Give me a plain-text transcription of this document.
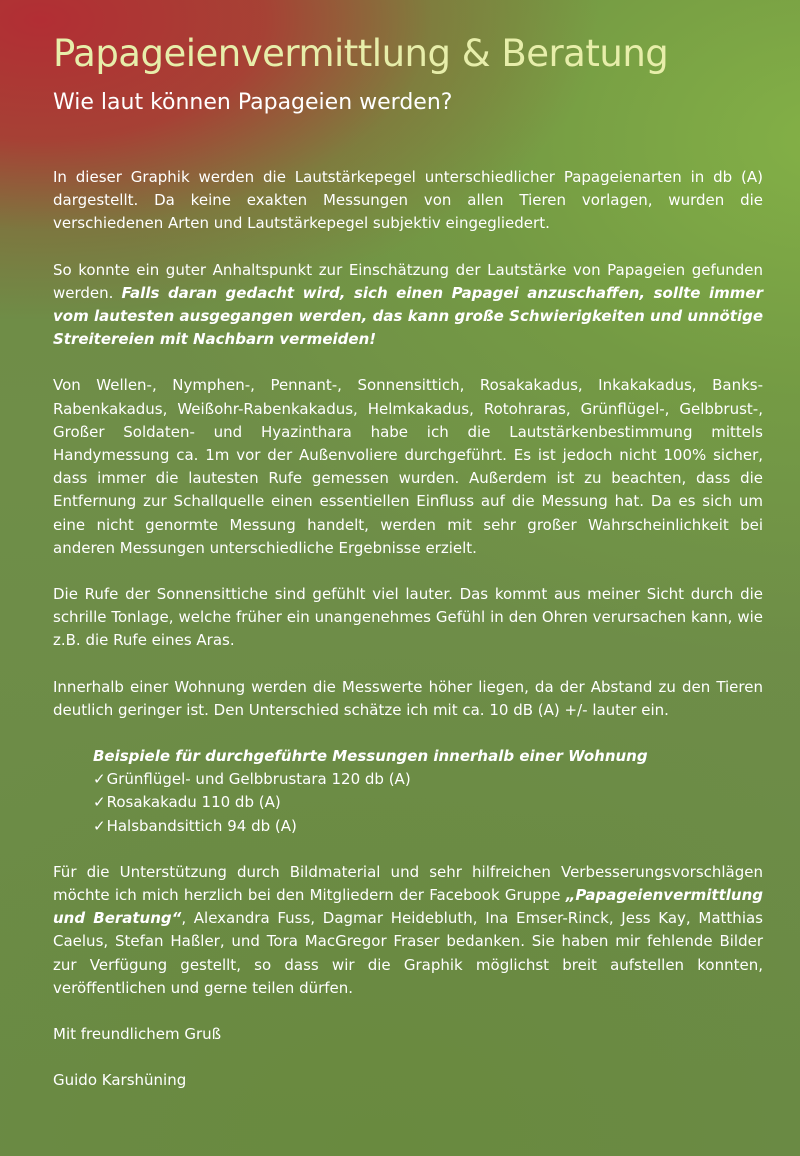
Papageienvermittlung & Beratung
Wie laut können Papageien werden?

In dieser Graphik werden die Lautstärkepegel unterschiedlicher Papageienarten in db (A) dargestellt. Da keine exakten Messungen von allen Tieren vorlagen, wurden die verschiedenen Arten und Lautstärkepegel subjektiv eingegliedert.

So konnte ein guter Anhaltspunkt zur Einschätzung der Lautstärke von Papageien gefunden werden. Falls daran gedacht wird, sich einen Papagei anzuschaffen, sollte immer vom lautesten ausgegangen werden, das kann große Schwierigkeiten und unnötige Streitereien mit Nachbarn vermeiden!

Von Wellen-, Nymphen-, Pennant-, Sonnensittich, Rosakakadus, Inkakakadus, Banks-Rabenkakadus, Weißohr-Rabenkakadus, Helmkakadus, Rotohraras, Grünflügel-, Gelbbrust-, Großer Soldaten- und Hyazinthara habe ich die Lautstärkenbestimmung mittels Handymessung ca. 1m vor der Außenvoliere durchgeführt. Es ist jedoch nicht 100% sicher, dass immer die lautesten Rufe gemessen wurden. Außerdem ist zu beachten, dass die Entfernung zur Schallquelle einen essentiellen Einfluss auf die Messung hat. Da es sich um eine nicht genormte Messung handelt, werden mit sehr großer Wahrscheinlichkeit bei anderen Messungen unterschiedliche Ergebnisse erzielt.

Die Rufe der Sonnensittiche sind gefühlt viel lauter. Das kommt aus meiner Sicht durch die schrille Tonlage, welche früher ein unangenehmes Gefühl in den Ohren verursachen kann, wie z.B. die Rufe eines Aras.

Innerhalb einer Wohnung werden die Messwerte höher liegen, da der Abstand zu den Tieren deutlich geringer ist. Den Unterschied schätze ich mit ca. 10 dB (A) +/- lauter ein.

Beispiele für durchgeführte Messungen innerhalb einer Wohnung
✓Grünflügel- und Gelbbrustara 120 db (A)
✓Rosakakadu 110 db (A)
✓Halsbandsittich 94 db (A)

Für die Unterstützung durch Bildmaterial und sehr hilfreichen Verbesserungsvorschlägen möchte ich mich herzlich bei den Mitgliedern der Facebook Gruppe „Papageienvermittlung und Beratung“, Alexandra Fuss, Dagmar Heidebluth, Ina Emser-Rinck, Jess Kay, Matthias Caelus, Stefan Haßler, und Tora MacGregor Fraser bedanken. Sie haben mir fehlende Bilder zur Verfügung gestellt, so dass wir die Graphik möglichst breit aufstellen konnten, veröffentlichen und gerne teilen dürfen.

Mit freundlichem Gruß

Guido Karshüning
